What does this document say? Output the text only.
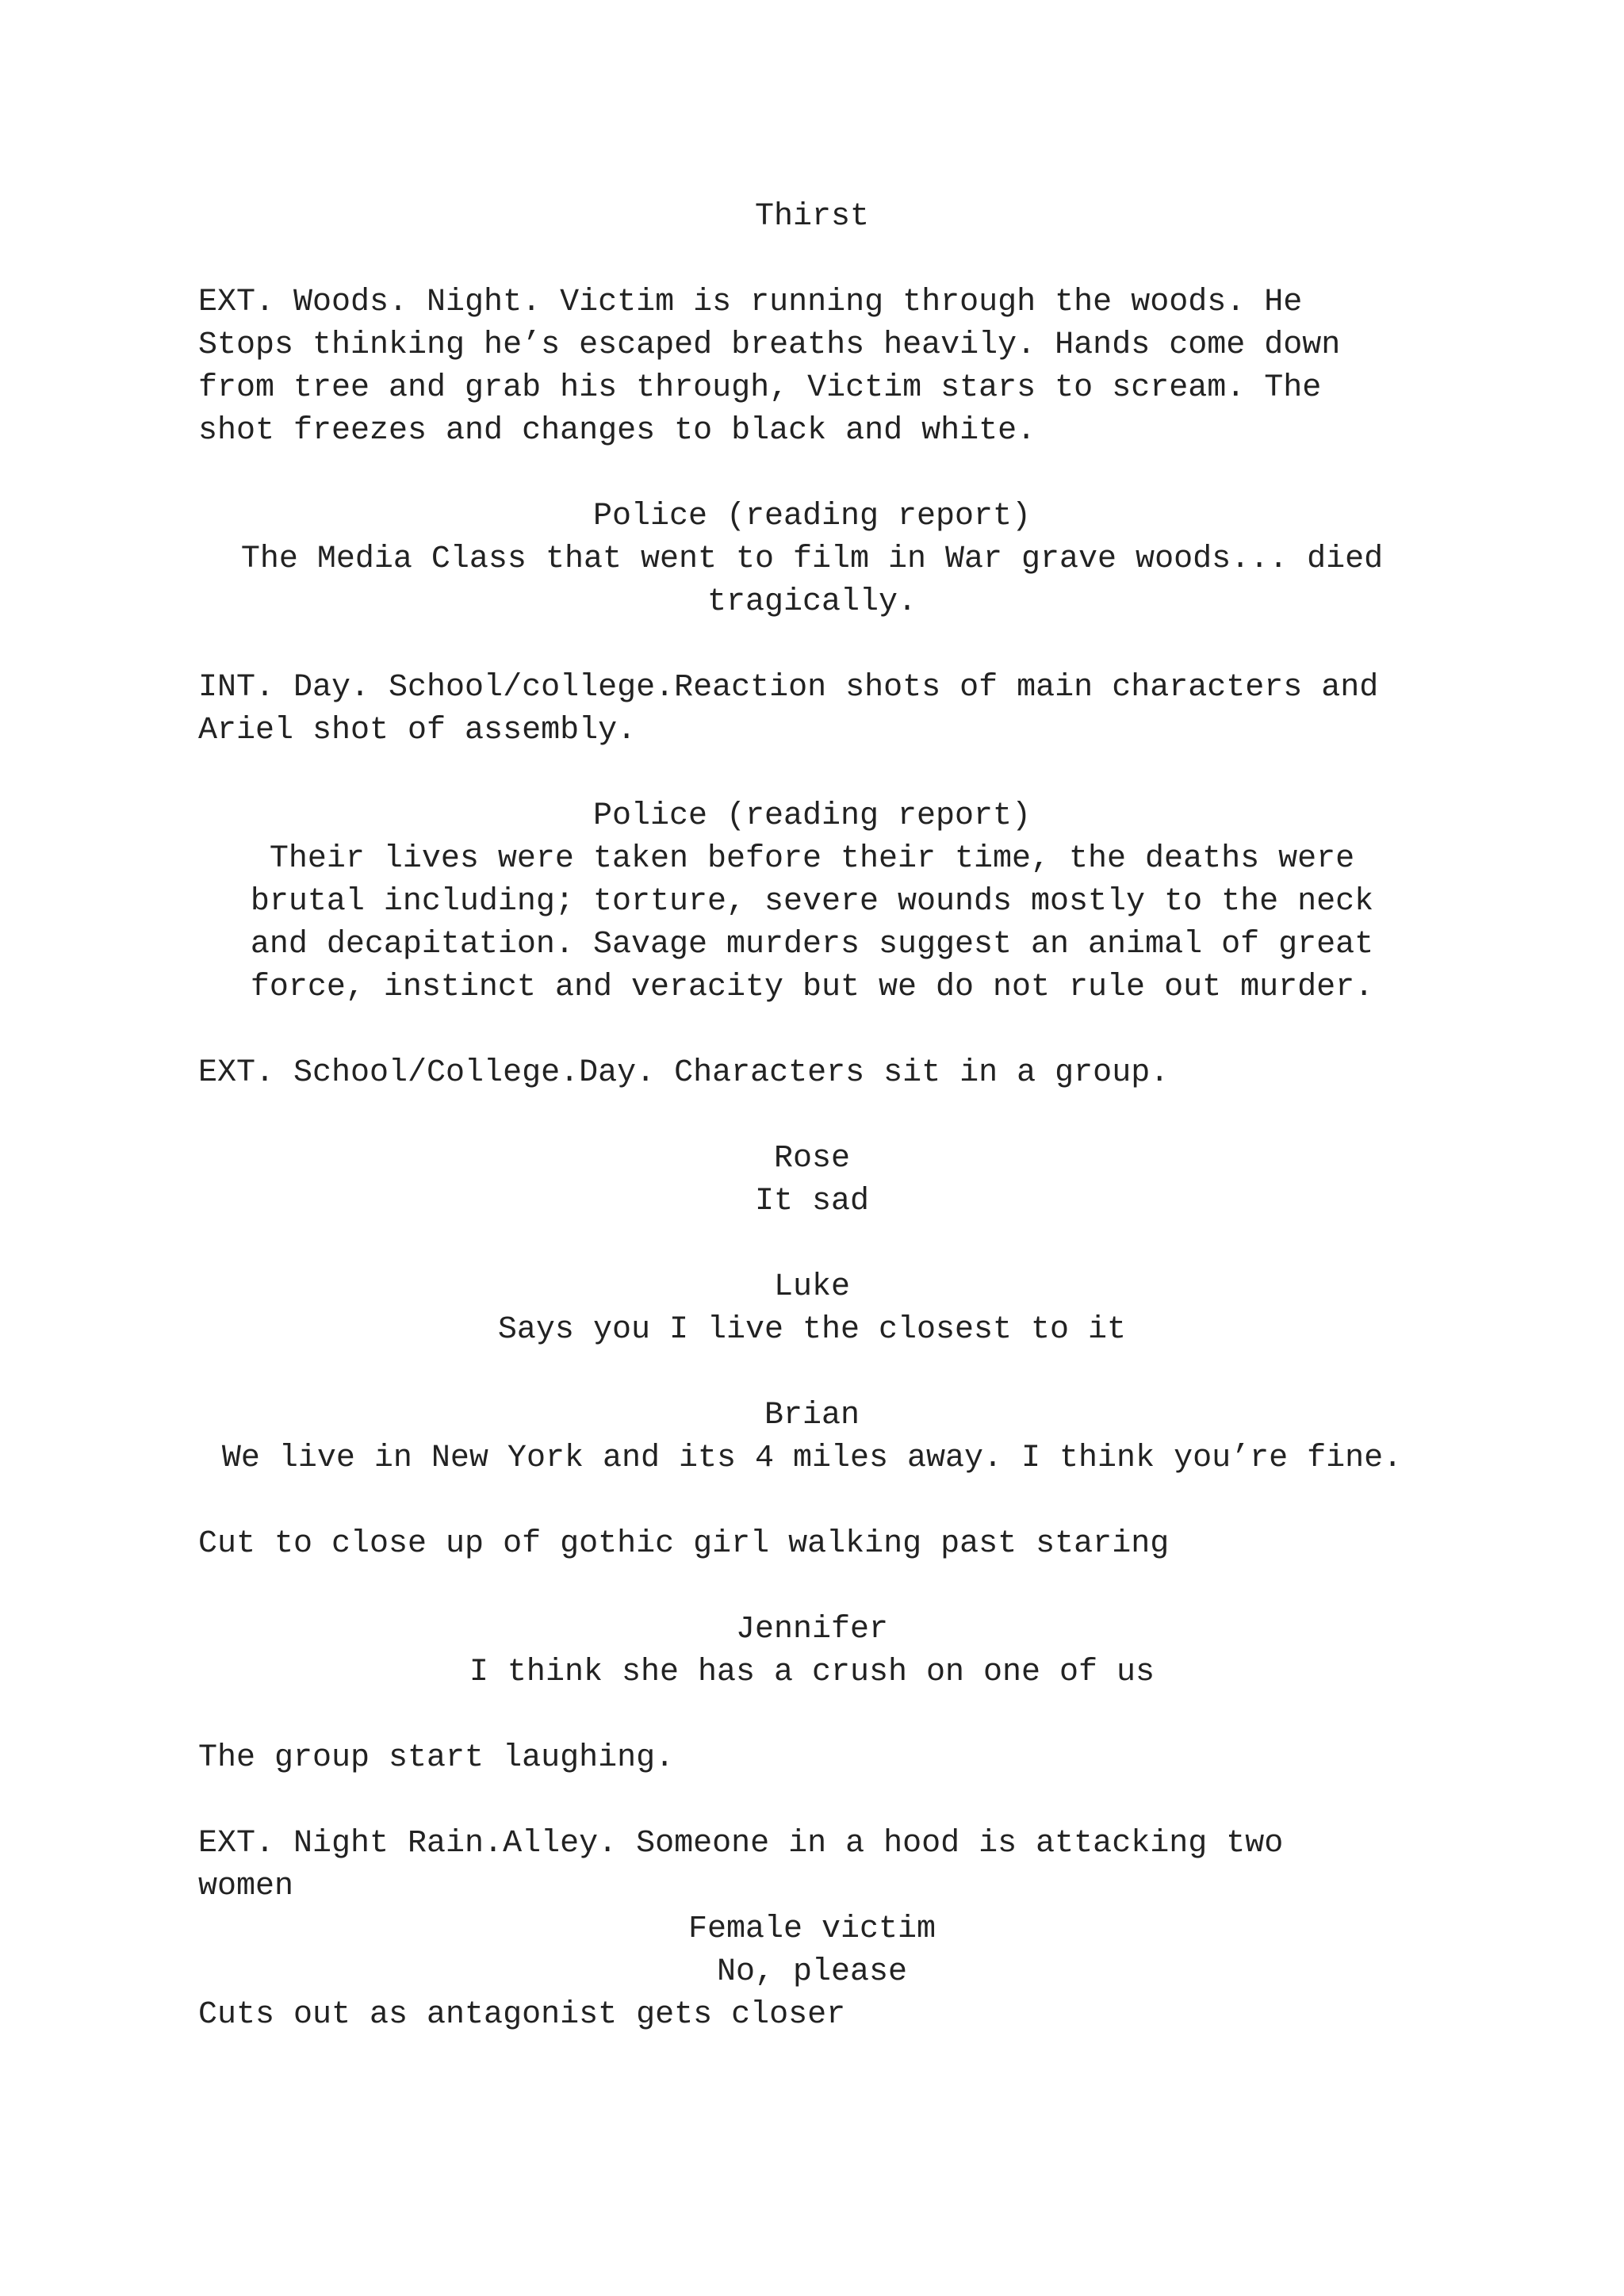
Thirst
EXT. Woods. Night. Victim is running through the woods. He
Stops thinking he’s escaped breaths heavily. Hands come down
from tree and grab his through, Victim stars to scream. The
shot freezes and changes to black and white.
Police (reading report)
The Media Class that went to film in War grave woods... died
tragically.
INT. Day. School/college.Reaction shots of main characters and
Ariel shot of assembly.
Police (reading report)
Their lives were taken before their time, the deaths were
brutal including; torture, severe wounds mostly to the neck
and decapitation. Savage murders suggest an animal of great
force, instinct and veracity but we do not rule out murder.
EXT. School/College.Day. Characters sit in a group.
Rose
It sad
Luke
Says you I live the closest to it
Brian
We live in New York and its 4 miles away. I think you’re fine.
Cut to close up of gothic girl walking past staring
Jennifer
I think she has a crush on one of us
The group start laughing.
EXT. Night Rain.Alley. Someone in a hood is attacking two
women
Female victim
No, please
Cuts out as antagonist gets closer
